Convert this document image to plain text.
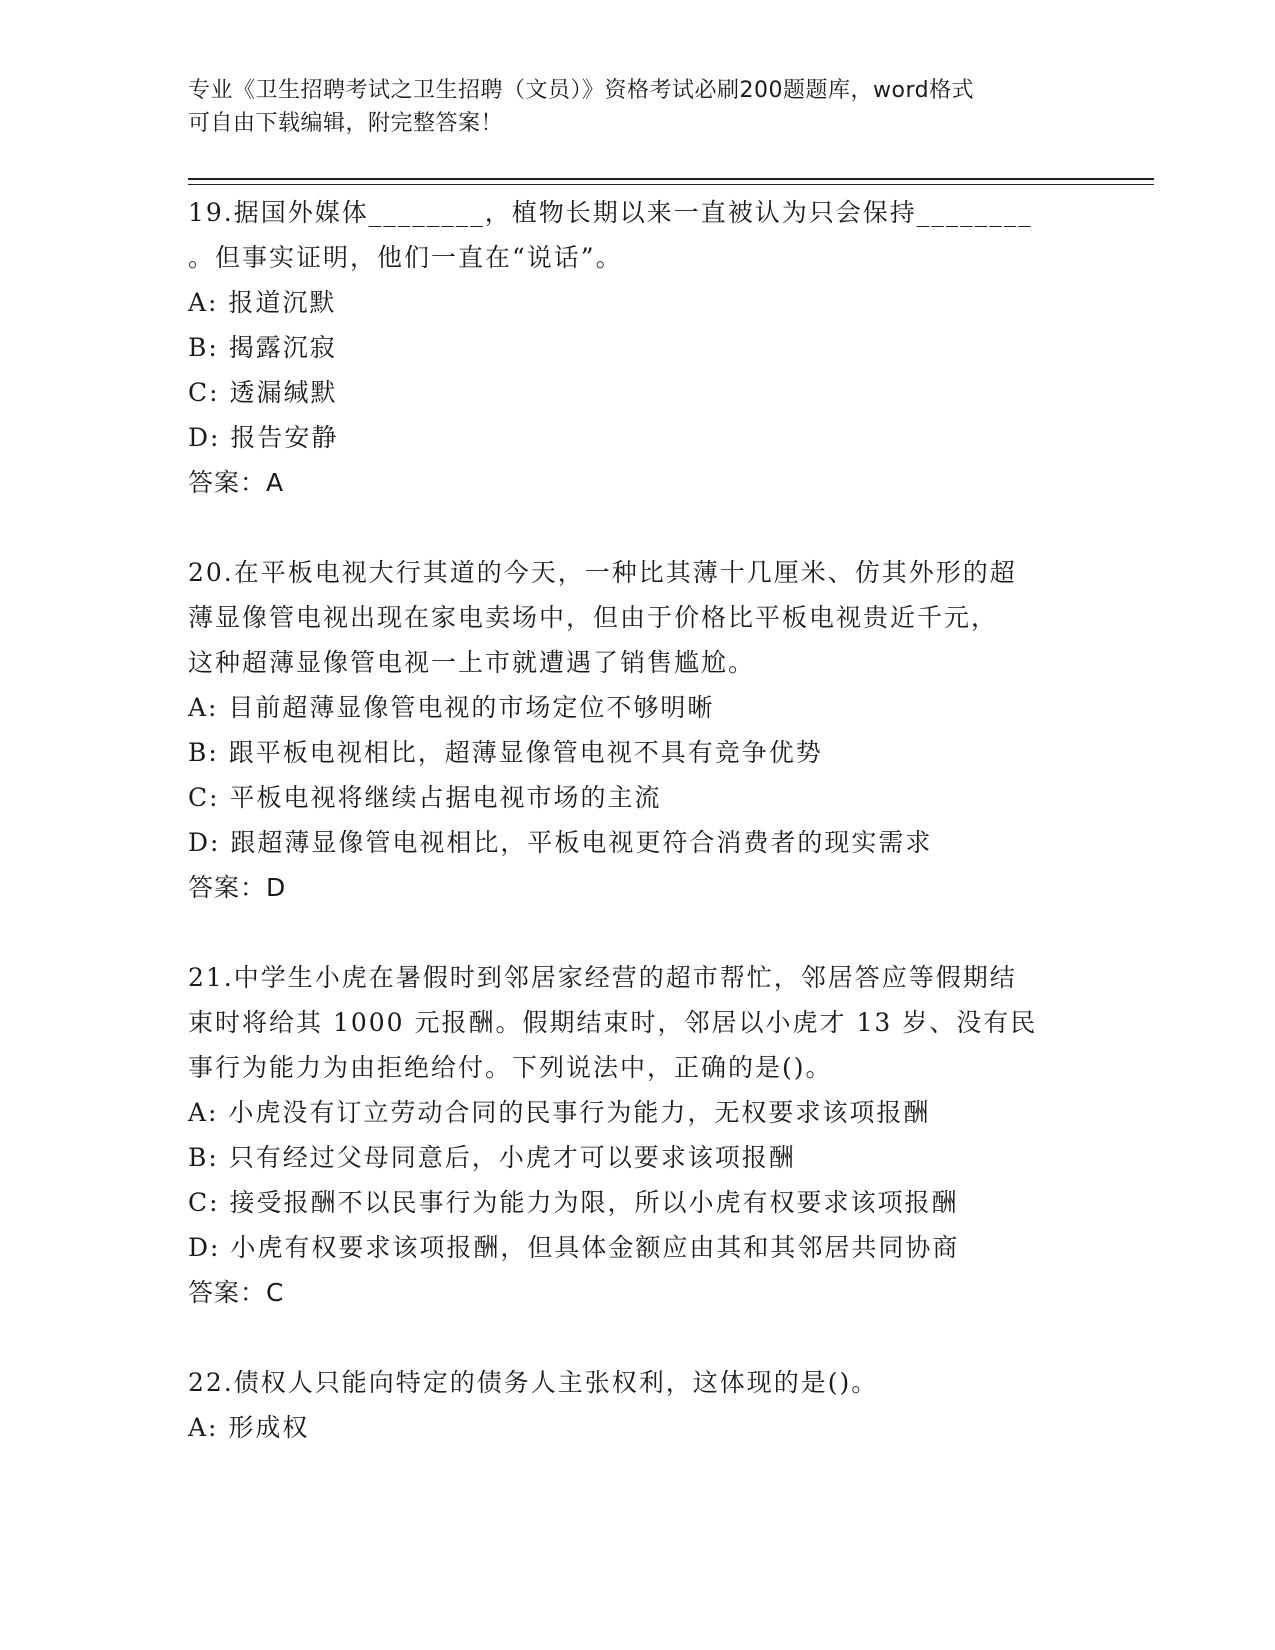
专业《卫生招聘考试之卫生招聘（文员）》资格考试必刷200题题库，word格式
可自由下载编辑，附完整答案！
19.据国外媒体________，植物长期以来一直被认为只会保持________
。但事实证明，他们一直在“说话”。
A: 报道沉默
B: 揭露沉寂
C: 透漏缄默
D: 报告安静
答案：A
20.在平板电视大行其道的今天，一种比其薄十几厘米、仿其外形的超
薄显像管电视出现在家电卖场中，但由于价格比平板电视贵近千元，
这种超薄显像管电视一上市就遭遇了销售尴尬。
A: 目前超薄显像管电视的市场定位不够明晰
B: 跟平板电视相比，超薄显像管电视不具有竞争优势
C: 平板电视将继续占据电视市场的主流
D: 跟超薄显像管电视相比，平板电视更符合消费者的现实需求
答案：D
21.中学生小虎在暑假时到邻居家经营的超市帮忙，邻居答应等假期结
束时将给其 1000 元报酬。假期结束时，邻居以小虎才 13 岁、没有民
事行为能力为由拒绝给付。下列说法中，正确的是()。
A: 小虎没有订立劳动合同的民事行为能力，无权要求该项报酬
B: 只有经过父母同意后，小虎才可以要求该项报酬
C: 接受报酬不以民事行为能力为限，所以小虎有权要求该项报酬
D: 小虎有权要求该项报酬，但具体金额应由其和其邻居共同协商
答案：C
22.债权人只能向特定的债务人主张权利，这体现的是()。
A: 形成权
